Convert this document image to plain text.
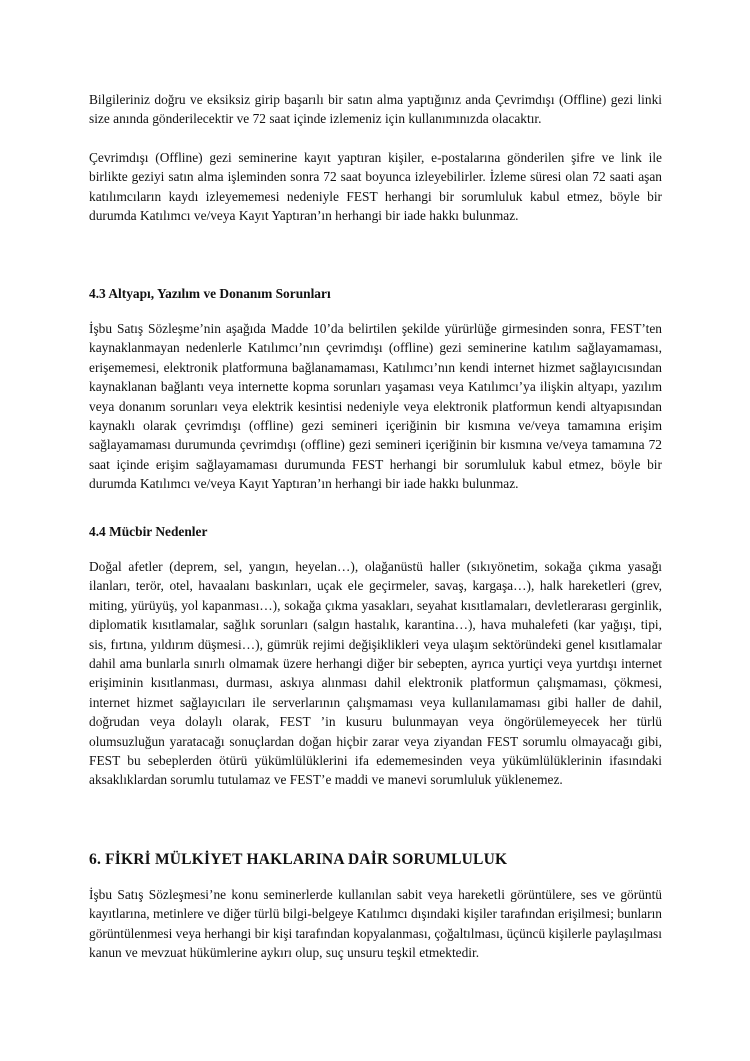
Bilgileriniz doğru ve eksiksiz girip başarılı bir satın alma yaptığınız anda Çevrimdışı (Offline) gezi linki size anında gönderilecektir ve 72 saat içinde izlemeniz için kullanımınızda olacaktır.

Çevrimdışı (Offline) gezi seminerine kayıt yaptıran kişiler, e-postalarına gönderilen şifre ve link ile birlikte geziyi satın alma işleminden sonra 72 saat boyunca izleyebilirler. İzleme süresi olan 72 saati aşan katılımcıların kaydı izleyememesi nedeniyle FEST herhangi bir sorumluluk kabul etmez, böyle bir durumda Katılımcı ve/veya Kayıt Yaptıran’ın herhangi bir iade hakkı bulunmaz.

4.3 Altyapı, Yazılım ve Donanım Sorunları

İşbu Satış Sözleşme’nin aşağıda Madde 10’da belirtilen şekilde yürürlüğe girmesinden sonra, FEST’ten kaynaklanmayan nedenlerle Katılımcı’nın çevrimdışı (offline) gezi seminerine katılım sağlayamaması, erişememesi, elektronik platformuna bağlanamaması, Katılımcı’nın kendi internet hizmet sağlayıcısından kaynaklanan bağlantı veya internette kopma sorunları yaşaması veya Katılımcı’ya ilişkin altyapı, yazılım veya donanım sorunları veya elektrik kesintisi nedeniyle veya elektronik platformun kendi altyapısından kaynaklı olarak çevrimdışı (offline) gezi semineri içeriğinin bir kısmına ve/veya tamamına erişim sağlayamaması durumunda çevrimdışı (offline) gezi semineri içeriğinin bir kısmına ve/veya tamamına 72 saat içinde erişim sağlayamaması durumunda FEST herhangi bir sorumluluk kabul etmez, böyle bir durumda Katılımcı ve/veya Kayıt Yaptıran’ın herhangi bir iade hakkı bulunmaz.

4.4 Mücbir Nedenler

Doğal afetler (deprem, sel, yangın, heyelan…), olağanüstü haller (sıkıyönetim, sokağa çıkma yasağı ilanları, terör, otel, havaalanı baskınları, uçak ele geçirmeler, savaş, kargaşa…), halk hareketleri (grev, miting, yürüyüş, yol kapanması…), sokağa çıkma yasakları, seyahat kısıtlamaları, devletlerarası gerginlik, diplomatik kısıtlamalar, sağlık sorunları (salgın hastalık, karantina…), hava muhalefeti (kar yağışı, tipi, sis, fırtına, yıldırım düşmesi…), gümrük rejimi değişiklikleri veya ulaşım sektöründeki genel kısıtlamalar dahil ama bunlarla sınırlı olmamak üzere herhangi diğer bir sebepten, ayrıca yurtiçi veya yurtdışı internet erişiminin kısıtlanması, durması, askıya alınması dahil elektronik platformun çalışmaması, çökmesi, internet hizmet sağlayıcıları ile serverlarının çalışmaması veya kullanılamaması gibi haller de dahil, doğrudan veya dolaylı olarak, FEST ’in kusuru bulunmayan veya öngörülemeyecek her türlü olumsuzluğun yaratacağı sonuçlardan doğan hiçbir zarar veya ziyandan FEST sorumlu olmayacağı gibi, FEST bu sebeplerden ötürü yükümlülüklerini ifa edememesinden veya yükümlülüklerinin ifasındaki aksaklıklardan sorumlu tutulamaz ve FEST’e maddi ve manevi sorumluluk yüklenemez.

6. FİKRİ MÜLKİYET HAKLARINA DAİR SORUMLULUK

İşbu Satış Sözleşmesi’ne konu seminerlerde kullanılan sabit veya hareketli görüntülere, ses ve görüntü kayıtlarına, metinlere ve diğer türlü bilgi-belgeye Katılımcı dışındaki kişiler tarafından erişilmesi; bunların görüntülenmesi veya herhangi bir kişi tarafından kopyalanması, çoğaltılması, üçüncü kişilerle paylaşılması kanun ve mevzuat hükümlerine aykırı olup, suç unsuru teşkil etmektedir.
